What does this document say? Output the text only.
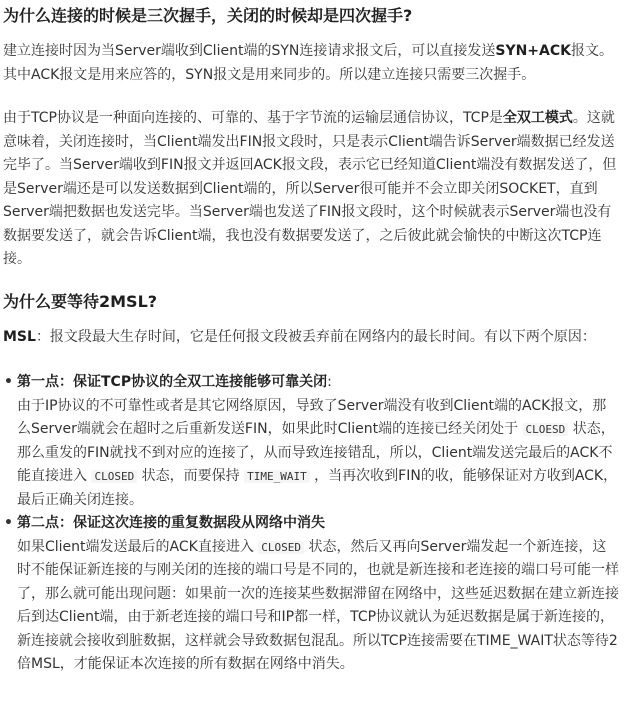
为什么连接的时候是三次握手，关闭的时候却是四次握手?

建立连接时因为当Server端收到Client端的SYN连接请求报文后，可以直接发送SYN+ACK报文。其中ACK报文是用来应答的，SYN报文是用来同步的。所以建立连接只需要三次握手。

由于TCP协议是一种面向连接的、可靠的、基于字节流的运输层通信协议，TCP是全双工模式。这就意味着，关闭连接时，当Client端发出FIN报文段时，只是表示Client端告诉Server端数据已经发送完毕了。当Server端收到FIN报文并返回ACK报文段，表示它已经知道Client端没有数据发送了，但是Server端还是可以发送数据到Client端的，所以Server很可能并不会立即关闭SOCKET，直到Server端把数据也发送完毕。当Server端也发送了FIN报文段时，这个时候就表示Server端也没有数据要发送了，就会告诉Client端，我也没有数据要发送了，之后彼此就会愉快的中断这次TCP连接。

为什么要等待2MSL?

MSL：报文段最大生存时间，它是任何报文段被丢弃前在网络内的最长时间。有以下两个原因：

• 第一点：保证TCP协议的全双工连接能够可靠关闭:
由于IP协议的不可靠性或者是其它网络原因，导致了Server端没有收到Client端的ACK报文，那么Server端就会在超时之后重新发送FIN，如果此时Client端的连接已经关闭处于 CLOESD 状态，那么重发的FIN就找不到对应的连接了，从而导致连接错乱，所以，Client端发送完最后的ACK不能直接进入 CLOSED 状态，而要保持 TIME_WAIT ，当再次收到FIN的收，能够保证对方收到ACK，最后正确关闭连接。
• 第二点：保证这次连接的重复数据段从网络中消失
如果Client端发送最后的ACK直接进入 CLOSED 状态，然后又再向Server端发起一个新连接，这时不能保证新连接的与刚关闭的连接的端口号是不同的，也就是新连接和老连接的端口号可能一样了，那么就可能出现问题：如果前一次的连接某些数据滞留在网络中，这些延迟数据在建立新连接后到达Client端，由于新老连接的端口号和IP都一样，TCP协议就认为延迟数据是属于新连接的，新连接就会接收到脏数据，这样就会导致数据包混乱。所以TCP连接需要在TIME_WAIT状态等待2倍MSL，才能保证本次连接的所有数据在网络中消失。
